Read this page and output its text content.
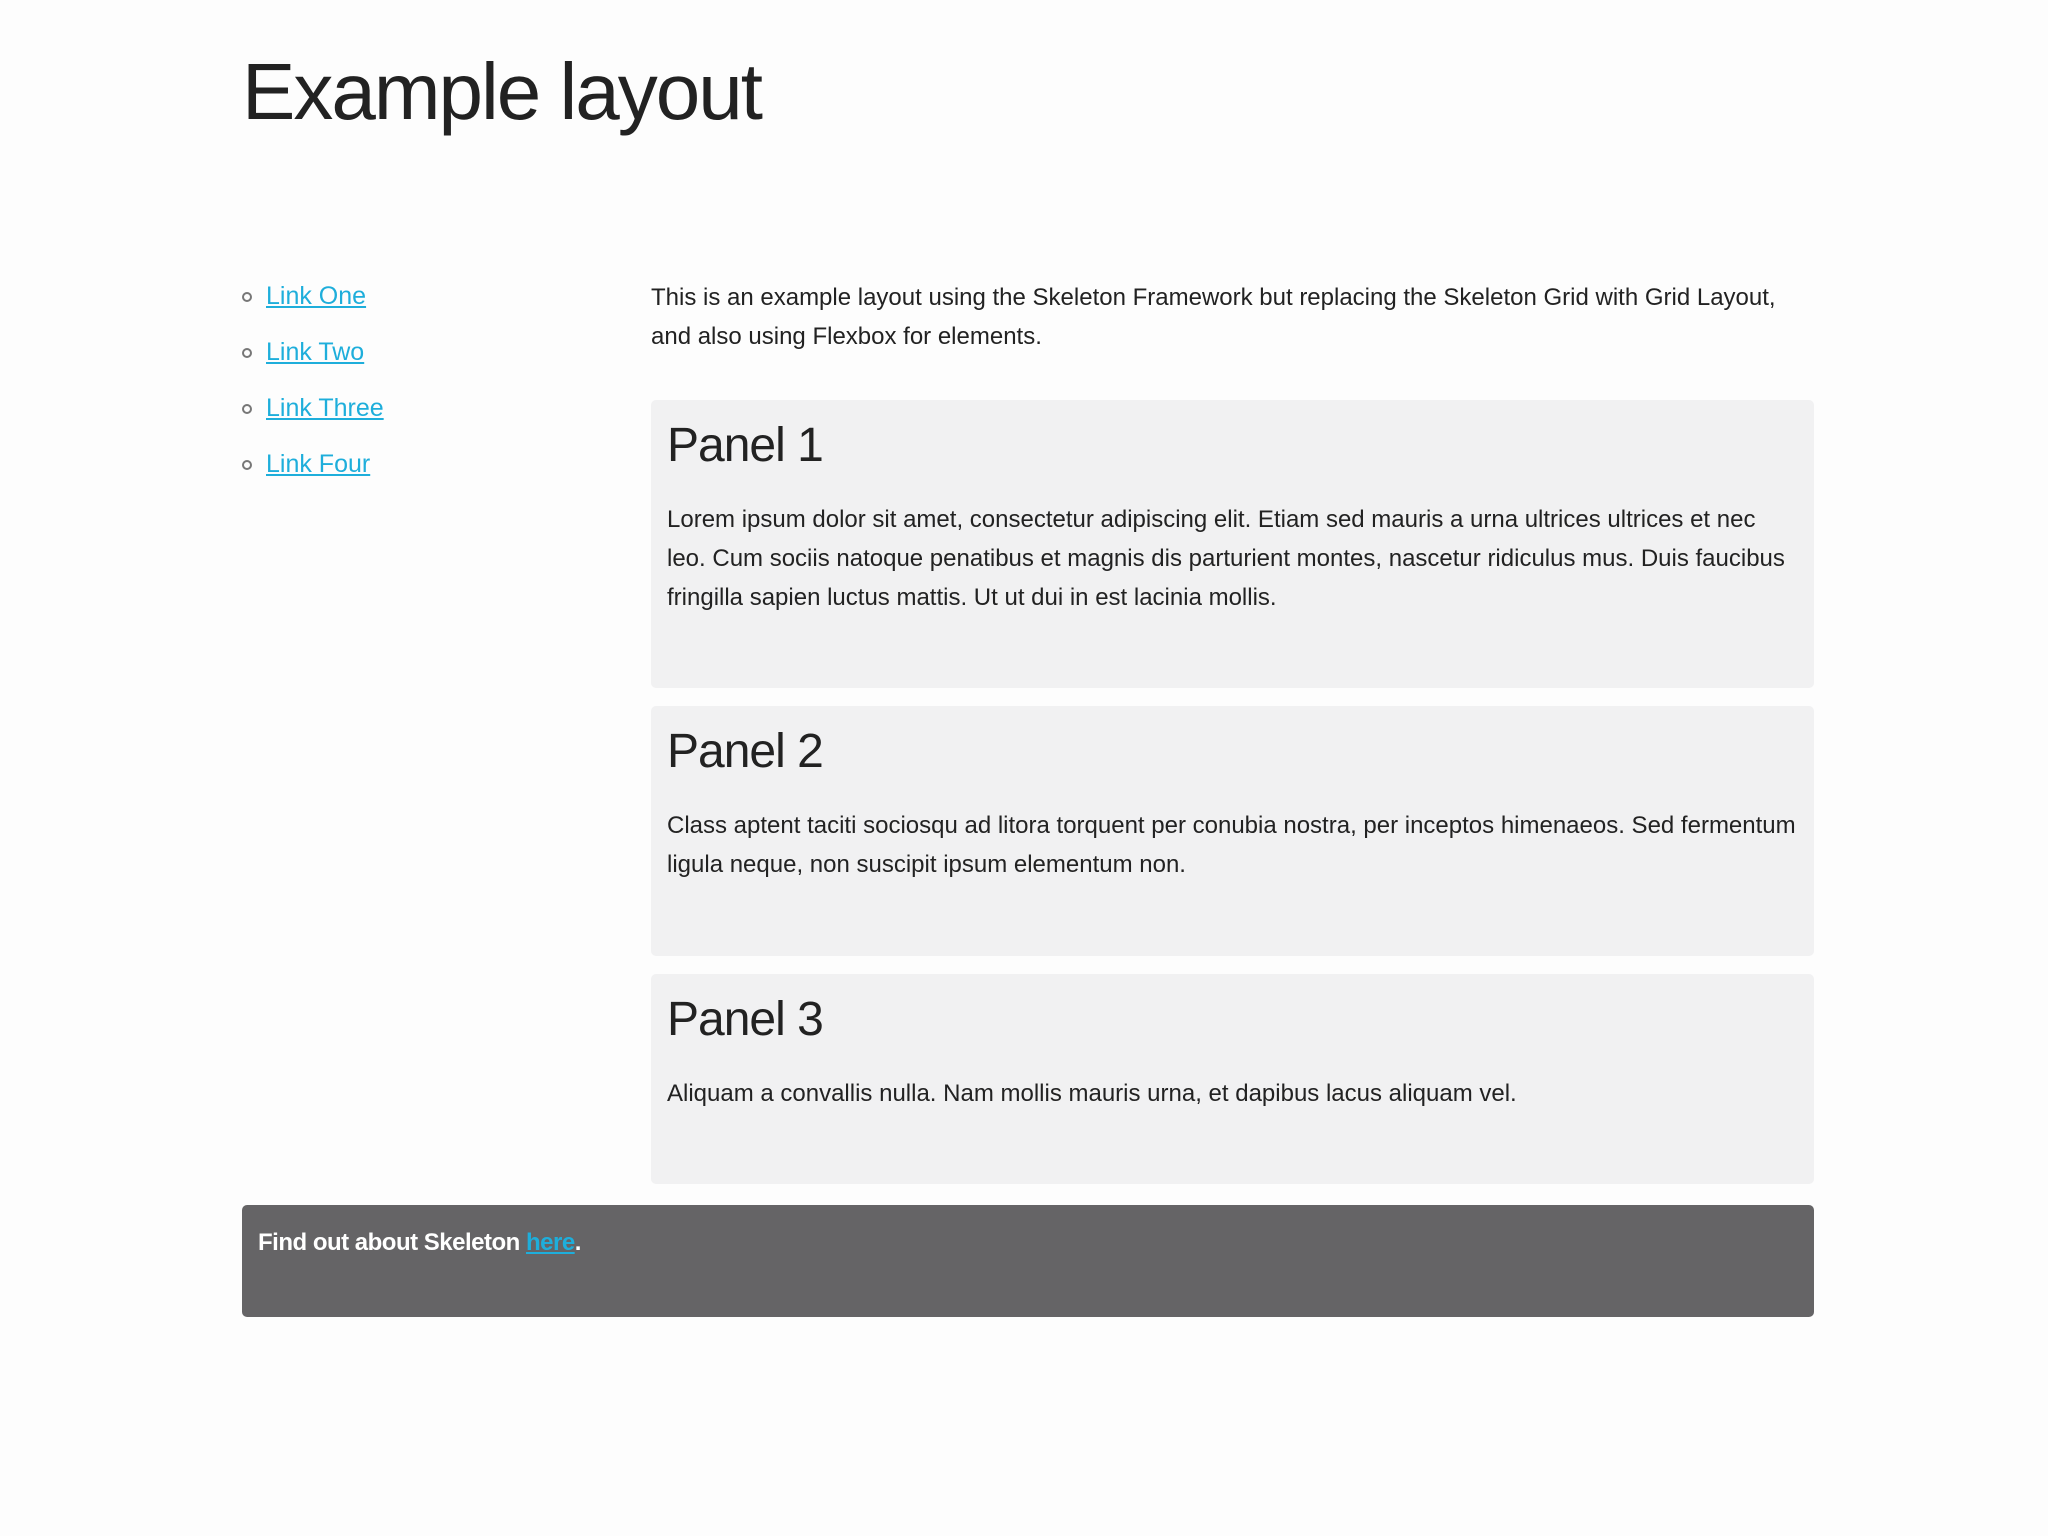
Example layout
Link One
Link Two
Link Three
Link Four

This is an example layout using the Skeleton Framework but replacing the Skeleton Grid with Grid Layout, and also using Flexbox for elements.

Panel 1

Lorem ipsum dolor sit amet, consectetur adipiscing elit. Etiam sed mauris a urna ultrices ultrices et nec leo. Cum sociis natoque penatibus et magnis dis parturient montes, nascetur ridiculus mus. Duis faucibus fringilla sapien luctus mattis. Ut ut dui in est lacinia mollis.

Panel 2

Class aptent taciti sociosqu ad litora torquent per conubia nostra, per inceptos himenaeos. Sed fermentum ligula neque, non suscipit ipsum elementum non.

Panel 3

Aliquam a convallis nulla. Nam mollis mauris urna, et dapibus lacus aliquam vel.

Find out about Skeleton here.
